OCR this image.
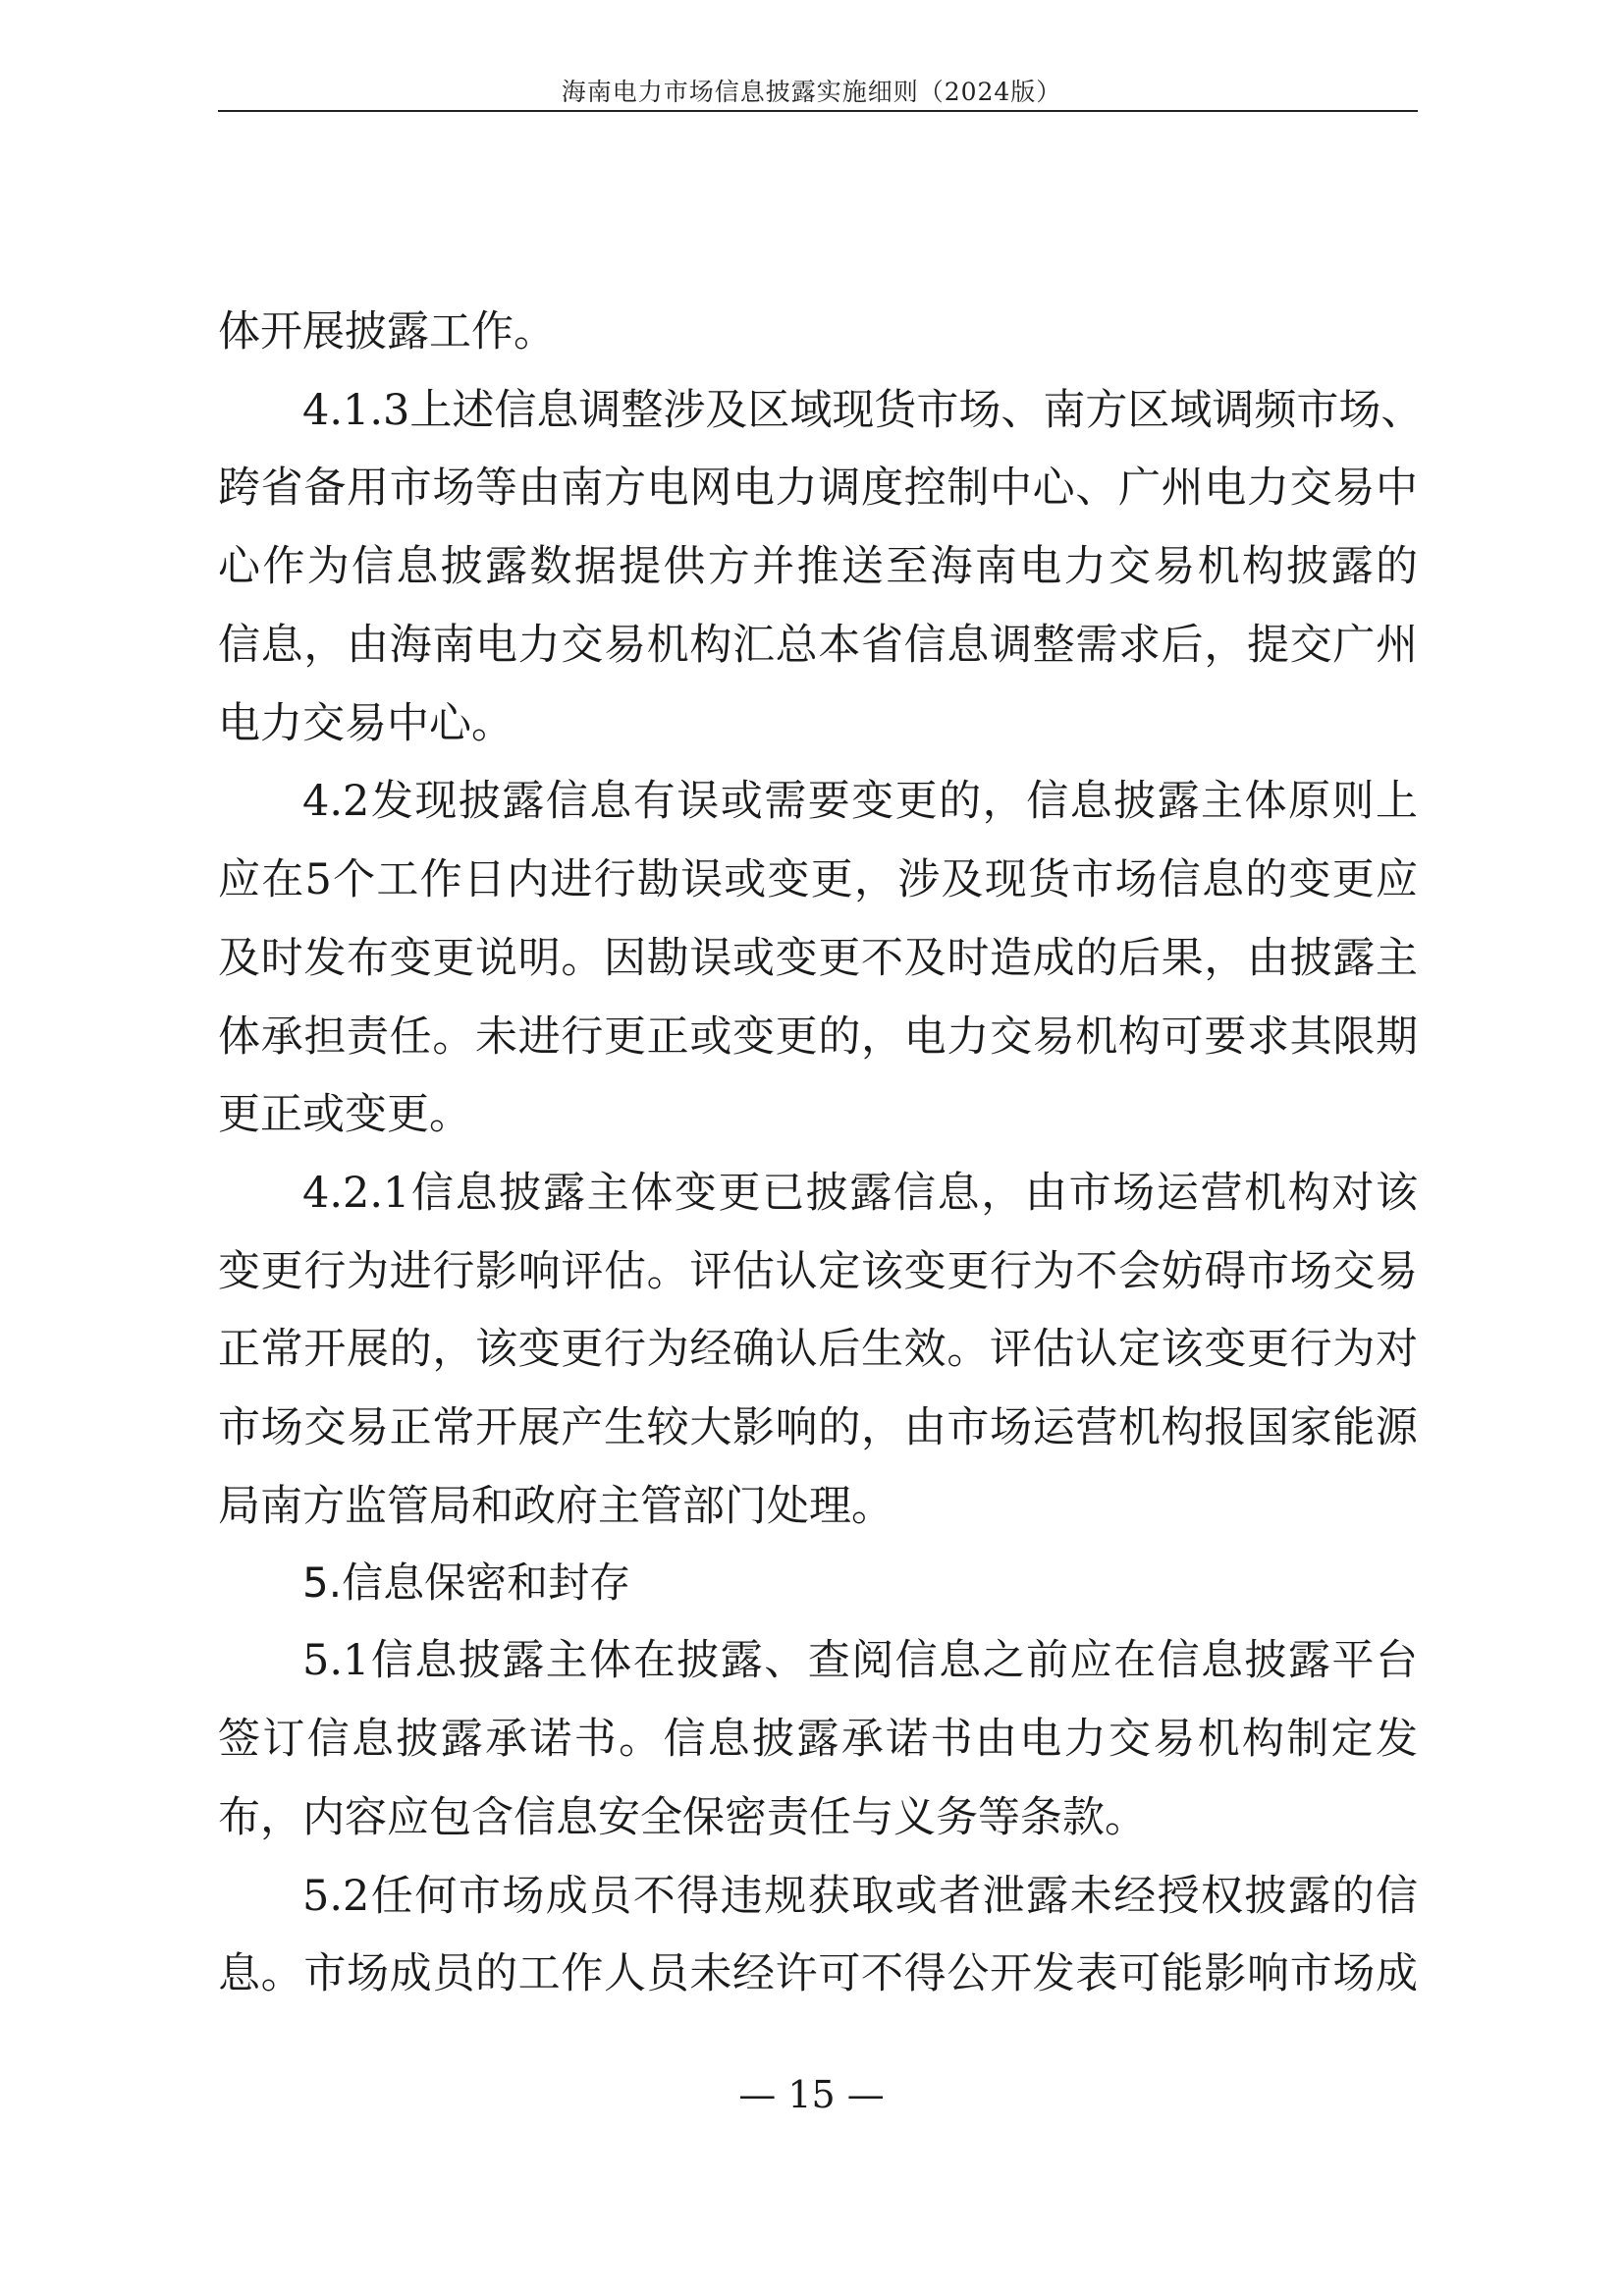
海南电力市场信息披露实施细则（2024版）
体开展披露工作。
4.1.3上述信息调整涉及区域现货市场、南方区域调频市场、
跨省备用市场等由南方电网电力调度控制中心、广州电力交易中
心作为信息披露数据提供方并推送至海南电力交易机构披露的
信息，由海南电力交易机构汇总本省信息调整需求后，提交广州
电力交易中心。
4.2发现披露信息有误或需要变更的，信息披露主体原则上
应在5个工作日内进行勘误或变更，涉及现货市场信息的变更应
及时发布变更说明。因勘误或变更不及时造成的后果，由披露主
体承担责任。未进行更正或变更的，电力交易机构可要求其限期
更正或变更。
4.2.1信息披露主体变更已披露信息，由市场运营机构对该
变更行为进行影响评估。评估认定该变更行为不会妨碍市场交易
正常开展的，该变更行为经确认后生效。评估认定该变更行为对
市场交易正常开展产生较大影响的，由市场运营机构报国家能源
局南方监管局和政府主管部门处理。
5.信息保密和封存
5.1信息披露主体在披露、查阅信息之前应在信息披露平台
签订信息披露承诺书。信息披露承诺书由电力交易机构制定发
布，内容应包含信息安全保密责任与义务等条款。
5.2任何市场成员不得违规获取或者泄露未经授权披露的信
息。市场成员的工作人员未经许可不得公开发表可能影响市场成
— 15 —
